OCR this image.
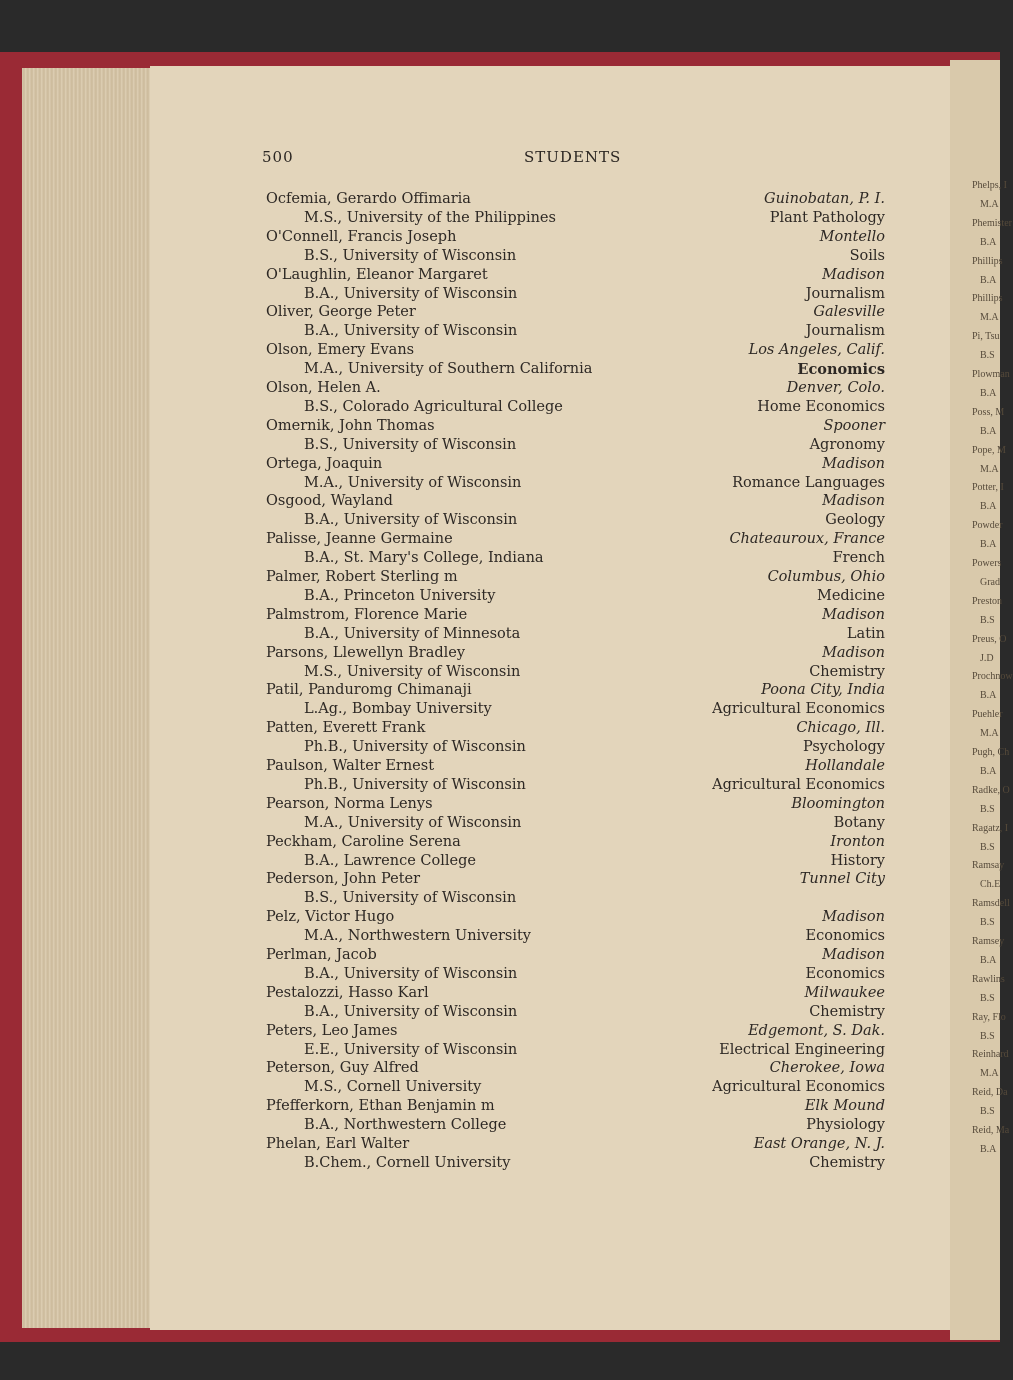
Phelps, I
M.A
Phemister
B.A
Phillips
B.A
Phillips
M.A
Pi, Tsu
B.S
Plowman
B.A
Poss, M
B.A
Pope, M
M.A
Potter, I
B.A
Powder
B.A
Powers
Grad
Preston
B.S
Preus, O
J.D
Prochnow
B.A
Puehler
M.A
Pugh, Ch
B.A
Radke, O
B.S
Ragatz, I
B.S
Ramsay
Ch.E
Ramsdell
B.S
Ramsey
B.A
Rawlins
B.S
Ray, Flo
B.S
Reinhard
M.A
Reid, Da
B.S
Reid, Ma
B.A
500	STUDENTS
Ocfemia, Gerardo Offimaria	Guinobatan, P. I.
M.S., University of the Philippines	Plant Pathology
O'Connell, Francis Joseph	Montello
B.S., University of Wisconsin	Soils
O'Laughlin, Eleanor Margaret	Madison
B.A., University of Wisconsin	Journalism
Oliver, George Peter	Galesville
B.A., University of Wisconsin	Journalism
Olson, Emery Evans	Los Angeles, Calif.
M.A., University of Southern California	Economics
Olson, Helen A.	Denver, Colo.
B.S., Colorado Agricultural College	Home Economics
Omernik, John Thomas	Spooner
B.S., University of Wisconsin	Agronomy
Ortega, Joaquin	Madison
M.A., University of Wisconsin	Romance Languages
Osgood, Wayland	Madison
B.A., University of Wisconsin	Geology
Palisse, Jeanne Germaine	Chateauroux, France
B.A., St. Mary's College, Indiana	French
Palmer, Robert Sterling m	Columbus, Ohio
B.A., Princeton University	Medicine
Palmstrom, Florence Marie	Madison
B.A., University of Minnesota	Latin
Parsons, Llewellyn Bradley	Madison
M.S., University of Wisconsin	Chemistry
Patil, Panduromg Chimanaji	Poona City, India
L.Ag., Bombay University	Agricultural Economics
Patten, Everett Frank	Chicago, Ill.
Ph.B., University of Wisconsin	Psychology
Paulson, Walter Ernest	Hollandale
Ph.B., University of Wisconsin	Agricultural Economics
Pearson, Norma Lenys	Bloomington
M.A., University of Wisconsin	Botany
Peckham, Caroline Serena	Ironton
B.A., Lawrence College	History
Pederson, John Peter	Tunnel City
B.S., University of Wisconsin
Pelz, Victor Hugo	Madison
M.A., Northwestern University	Economics
Perlman, Jacob	Madison
B.A., University of Wisconsin	Economics
Pestalozzi, Hasso Karl	Milwaukee
B.A., University of Wisconsin	Chemistry
Peters, Leo James	Edgemont, S. Dak.
E.E., University of Wisconsin	Electrical Engineering
Peterson, Guy Alfred	Cherokee, Iowa
M.S., Cornell University	Agricultural Economics
Pfefferkorn, Ethan Benjamin m	Elk Mound
B.A., Northwestern College	Physiology
Phelan, Earl Walter	East Orange, N. J.
B.Chem., Cornell University	Chemistry
